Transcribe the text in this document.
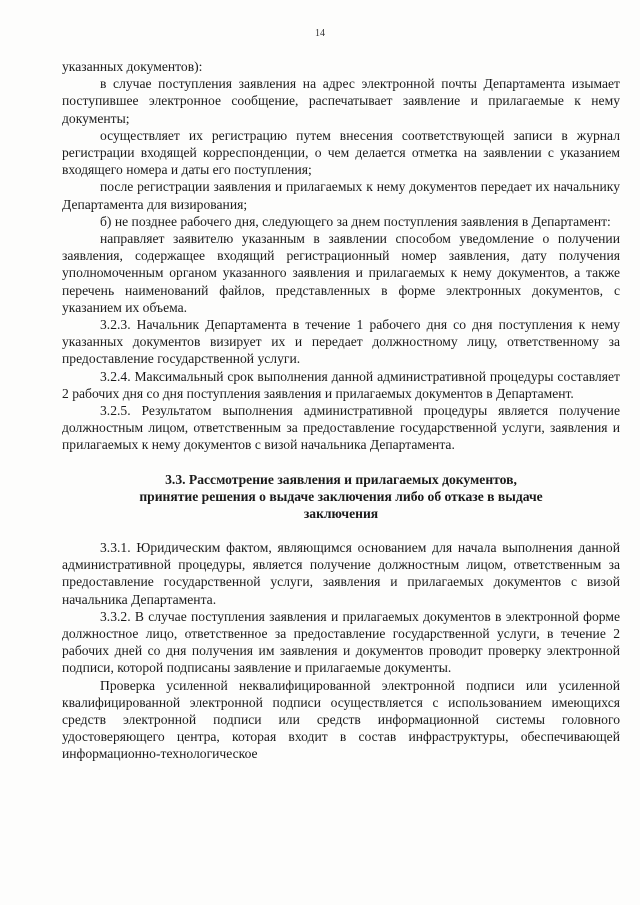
14

указанных документов):

в случае поступления заявления на адрес электронной почты Департамента изымает поступившее электронное сообщение, распечатывает заявление и прилагаемые к нему документы;

осуществляет их регистрацию путем внесения соответствующей записи в журнал регистрации входящей корреспонденции, о чем делается отметка на заявлении с указанием входящего номера и даты его поступления;

после регистрации заявления и прилагаемых к нему документов передает их начальнику Департамента для визирования;

б) не позднее рабочего дня, следующего за днем поступления заявления в Департамент:

направляет заявителю указанным в заявлении способом уведомление о получении заявления, содержащее входящий регистрационный номер заявления, дату получения уполномоченным органом указанного заявления и прилагаемых к нему документов, а также перечень наименований файлов, представленных в форме электронных документов, с указанием их объема.

3.2.3. Начальник Департамента в течение 1 рабочего дня со дня поступления к нему указанных документов визирует их и передает должностному лицу, ответственному за предоставление государственной услуги.

3.2.4. Максимальный срок выполнения данной административной процедуры составляет 2 рабочих дня со дня поступления заявления и прилагаемых документов в Департамент.

3.2.5. Результатом выполнения административной процедуры является получение должностным лицом, ответственным за предоставление государственной услуги, заявления и прилагаемых к нему документов с визой начальника Департамента.

3.3. Рассмотрение заявления и прилагаемых документов,
принятие решения о выдаче заключения либо об отказе в выдаче
заключения

3.3.1. Юридическим фактом, являющимся основанием для начала выполнения данной административной процедуры, является получение должностным лицом, ответственным за предоставление государственной услуги, заявления и прилагаемых документов с визой начальника Департамента.

3.3.2. В случае поступления заявления и прилагаемых документов в электронной форме должностное лицо, ответственное за предоставление государственной услуги, в течение 2 рабочих дней со дня получения им заявления и документов проводит проверку электронной подписи, которой подписаны заявление и прилагаемые документы.

Проверка усиленной неквалифицированной электронной подписи или усиленной квалифицированной электронной подписи осуществляется с использованием имеющихся средств электронной подписи или средств информационной системы головного удостоверяющего центра, которая входит в состав инфраструктуры, обеспечивающей информационно-технологическое
